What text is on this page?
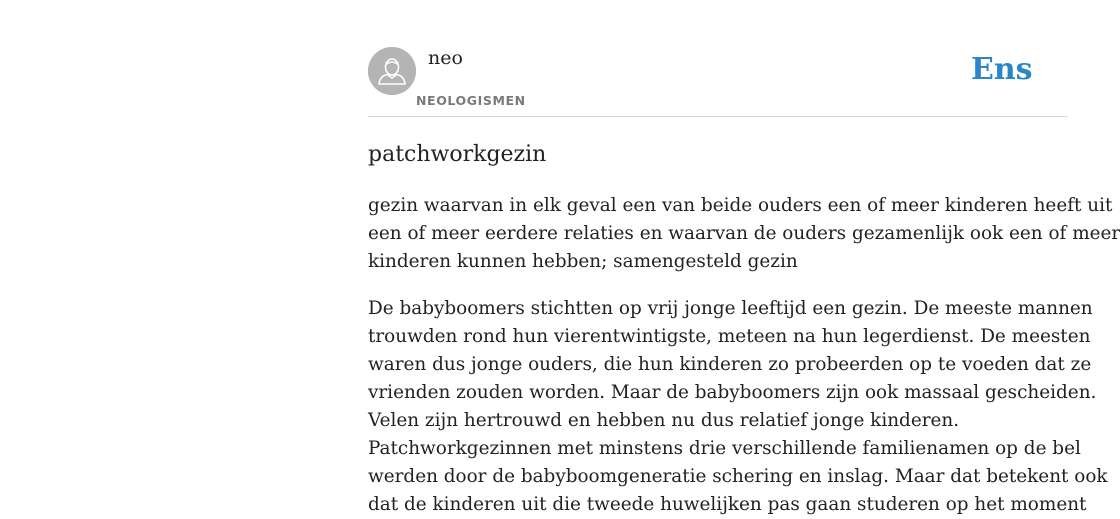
neo
NEOLOGISMEN
Ens
patchworkgezin
gezin waarvan in elk geval een van beide ouders een of meer kinderen heeft uit
een of meer eerdere relaties en waarvan de ouders gezamenlijk ook een of meer
kinderen kunnen hebben; samengesteld gezin
De babyboomers stichtten op vrij jonge leeftijd een gezin. De meeste mannen
trouwden rond hun vierentwintigste, meteen na hun legerdienst. De meesten
waren dus jonge ouders, die hun kinderen zo probeerden op te voeden dat ze
vrienden zouden worden. Maar de babyboomers zijn ook massaal gescheiden.
Velen zijn hertrouwd en hebben nu dus relatief jonge kinderen.
Patchworkgezinnen met minstens drie verschillende familienamen op de bel
werden door de babyboomgeneratie schering en inslag. Maar dat betekent ook
dat de kinderen uit die tweede huwelijken pas gaan studeren op het moment
